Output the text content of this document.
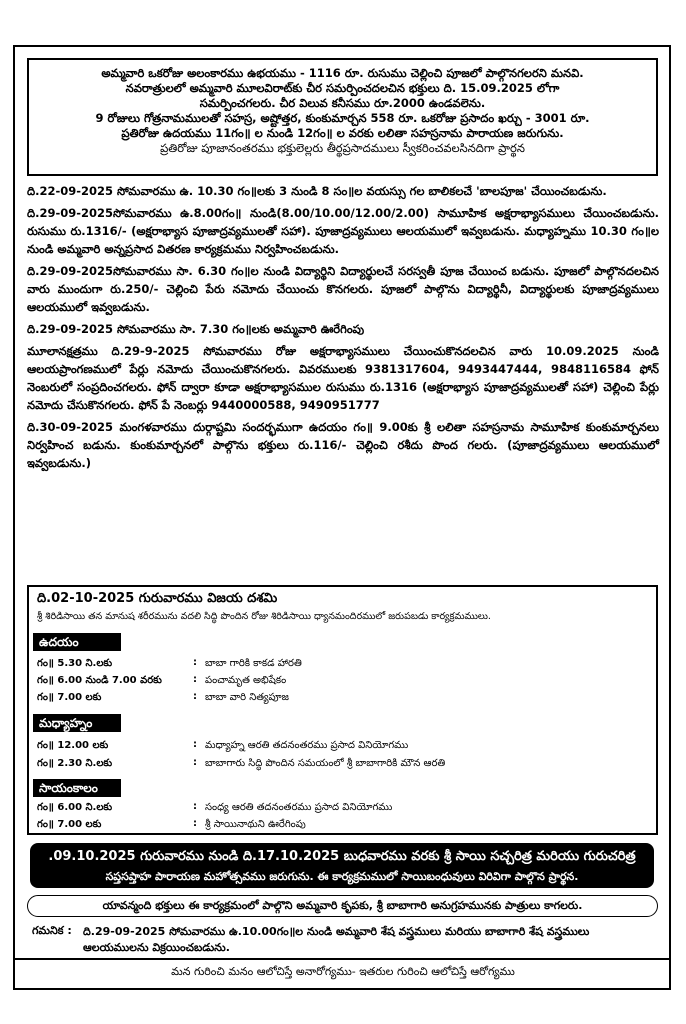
అమ్మవారి ఒకరోజు అలంకారము ఉభయము - 1116 రూ. రుసుము చెల్లించి పూజలో పాల్గొనగలరని మనవి.

నవరాత్రులలో అమ్మవారి మూలవిరాట్‌కు చీర సమర్పించదలచిన భక్తులు ది. 15.09.2025 లోగా

సమర్పించగలరు. చీర విలువ కనీసము రూ.2000 ఉండవలెను.

9 రోజులు గోత్రనామములతో సహస్ర, అష్టోత్తర, కుంకుమార్చన 558 రూ. ఒకరోజు ప్రసాదం ఖర్చు - 3001 రూ.

ప్రతిరోజు ఉదయము 11గం॥ ల నుండి 12గం॥ ల వరకు లలితా సహస్రనామ పారాయణ జరుగును.

ప్రతిరోజు పూజానంతరము భక్తులెల్లరు తీర్థప్రసాదములు స్వీకరించవలసినదిగా ప్రార్థన

ది.22-09-2025 సోమవారము ఉ. 10.30 గం॥లకు 3 నుండి 8 సం॥ల వయస్సు గల బాలికలచే 'బాలపూజ' చేయించబడును.

ది.29-09-2025సోమవారము ఉ.8.00గం॥ నుండి(8.00/10.00/12.00/2.00) సామూహిక అక్షరాభ్యాసములు చేయించబడును. రుసుము రు.1316/- (అక్షరాభ్యాస పూజాద్రవ్యములతో సహా). పూజాద్రవ్యములు ఆలయములో ఇవ్వబడును. మధ్యాహ్నము 10.30 గం॥ల నుండి అమ్మవారి అన్నప్రసాద వితరణ కార్యక్రమము నిర్వహించబడును.

ది.29-09-2025సోమవారము సా. 6.30 గం॥ల నుండి విద్యార్థిని విద్యార్థులచే సరస్వతీ పూజ చేయించ బడును. పూజలో పాల్గొనదలచిన వారు ముందుగా రు.250/- చెల్లించి పేరు నమోదు చేయించు కొనగలరు. పూజలో పాల్గొను విద్యార్థినీ, విద్యార్థులకు పూజాద్రవ్యములు ఆలయములో ఇవ్వబడును.

ది.29-09-2025 సోమవారము సా. 7.30 గం॥లకు అమ్మవారి ఊరేగింపు

మూలానక్షత్రము ది.29-9-2025 సోమవారము రోజు అక్షరాభ్యాసములు చేయించుకొనదలచిన వారు 10.09.2025 నుండి ఆలయప్రాంగణములో పేర్లు నమోదు చేయించుకొనగలరు. వివరములకు 9381317604, 9493447444, 9848116584 ఫోన్ నెంబరులో సంప్రదించగలరు. ఫోన్ ద్వారా కూడా అక్షరాభ్యాసముల రుసుము రు.1316 (అక్షరాభ్యాస పూజాద్రవ్యములతో సహా) చెల్లించి పేర్లు నమోదు చేసుకొనగలరు. ఫోన్ పే నెంబర్లు 9440000588, 9490951777

ది.30-09-2025 మంగళవారము దుర్గాష్టమి సందర్భముగా ఉదయం గం॥ 9.00కు శ్రీ లలితా సహస్రనామ సామూహిక కుంకుమార్చనలు నిర్వహించ బడును. కుంకుమార్చనలో పాల్గొను భక్తులు రు.116/- చెల్లించి రశీదు పొంద గలరు. (పూజాద్రవ్యములు ఆలయములో ఇవ్వబడును.)

ది.02-10-2025 గురువారము విజయ దశమి
శ్రీ శిరిడిసాయి తన మానుష శరీరమును వదలి సిద్ధి పొందిన రోజు శిరిడిసాయి ధ్యానమందిరములో జరుపబడు కార్యక్రమములు.
ఉదయం
గం॥ 5.30 ని.లకు	: బాబా గారికి కాకడ హారతి
గం॥ 6.00 నుండి 7.00 వరకు	: పంచామృత అభిషేకం
గం॥ 7.00 లకు	: బాబా వారి నిత్యపూజ
మధ్యాహ్నం
గం॥ 12.00 లకు	: మధ్యాహ్న ఆరతి తదనంతరము ప్రసాద వినియోగము
గం॥ 2.30 ని.లకు	: బాబాగారు సిద్ధి పొందిన సమయంలో శ్రీ బాబాగారికి మౌన ఆరతి
సాయంకాలం
గం॥ 6.00 ని.లకు	: సంధ్య ఆరతి తదనంతరము ప్రసాద వినియోగము
గం॥ 7.00 లకు	: శ్రీ సాయినాథుని ఊరేగింపు
.09.10.2025 గురువారము నుండి ది.17.10.2025 బుధవారము వరకు శ్రీ సాయి సచ్చరిత్ర మరియు గురుచరిత్ర
సప్తసప్తాహ పారాయణ మహోత్సవము జరుగును. ఈ కార్యక్రమములో సాయిబంధువులు విరివిగా పాల్గొన ప్రార్థన.
యావన్మంది భక్తులు ఈ కార్యక్రమంలో పాల్గొని అమ్మవారి కృపకు, శ్రీ బాబాగారి అనుగ్రహమునకు పాత్రులు కాగలరు.
గమనిక : ది.29-09-2025 సోమవారము ఉ.10.00గం॥ల నుండి అమ్మవారి శేష వస్త్రములు మరియు బాబాగారి శేష వస్త్రములు ఆలయములను విక్రయించబడును.
మన గురించి మనం ఆలోచిస్తే అనారోగ్యము- ఇతరుల గురించి ఆలోచిస్తే ఆరోగ్యము
